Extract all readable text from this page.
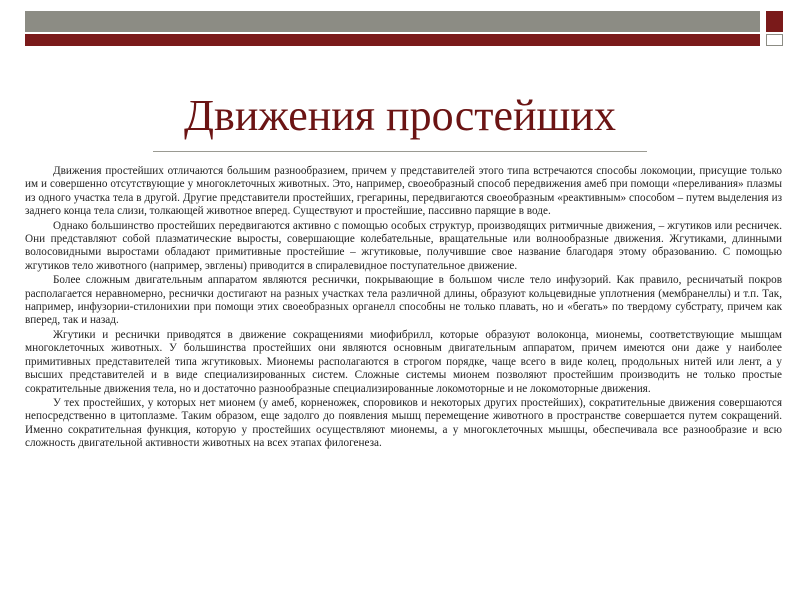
Движения простейших

Движения простейших отличаются большим разнообразием, причем у представителей этого типа встречаются способы локомоции, присущие только им и совершенно отсутствующие у многоклеточных животных. Это, например, своеобразный способ передвижения амеб при помощи «переливания» плазмы из одного участка тела в другой. Другие представители простейших, грегарины, передвигаются своеобразным «реактивным» способом – путем выделения из заднего конца тела слизи, толкающей животное вперед. Существуют и простейшие, пассивно парящие в воде.

Однако большинство простейших передвигаются активно с помощью особых структур, производящих ритмичные движения, – жгутиков или ресничек. Они представляют собой плазматические выросты, совершающие колебательные, вращательные или волнообразные движения. Жгутиками, длинными волосовидными выростами обладают примитивные простейшие – жгутиковые, получившие свое название благодаря этому образованию. С помощью жгутиков тело животного (например, эвглены) приводится в спиралевидное поступательное движение.

Более сложным двигательным аппаратом являются реснички, покрывающие в большом числе тело инфузорий. Как правило, ресничатый покров располагается неравномерно, реснички достигают на разных участках тела различной длины, образуют кольцевидные уплотнения (мембранеллы) и т.п. Так, например, инфузории-стилонихии при помощи этих своеобразных органелл способны не только плавать, но и «бегать» по твердому субстрату, причем как вперед, так и назад.

Жгутики и реснички приводятся в движение сокращениями миофибрилл, которые образуют волоконца, мионемы, соответствующие мышцам многоклеточных животных. У большинства простейших они являются основным двигательным аппаратом, причем имеются они даже у наиболее примитивных представителей типа жгутиковых. Мионемы располагаются в строгом порядке, чаще всего в виде колец, продольных нитей или лент, а у высших представителей и в виде специализированных систем. Сложные системы мионем позволяют простейшим производить не только простые сократительные движения тела, но и достаточно разнообразные специализированные локомоторные и не локомоторные движения.

У тех простейших, у которых нет мионем (у амеб, корненожек, споровиков и некоторых других простейших), сократительные движения совершаются непосредственно в цитоплазме. Таким образом, еще задолго до появления мышц перемещение животного в пространстве совершается путем сокращений. Именно сократительная функция, которую у простейших осуществляют мионемы, а у многоклеточных мышцы, обеспечивала все разнообразие и всю сложность двигательной активности животных на всех этапах филогенеза.
